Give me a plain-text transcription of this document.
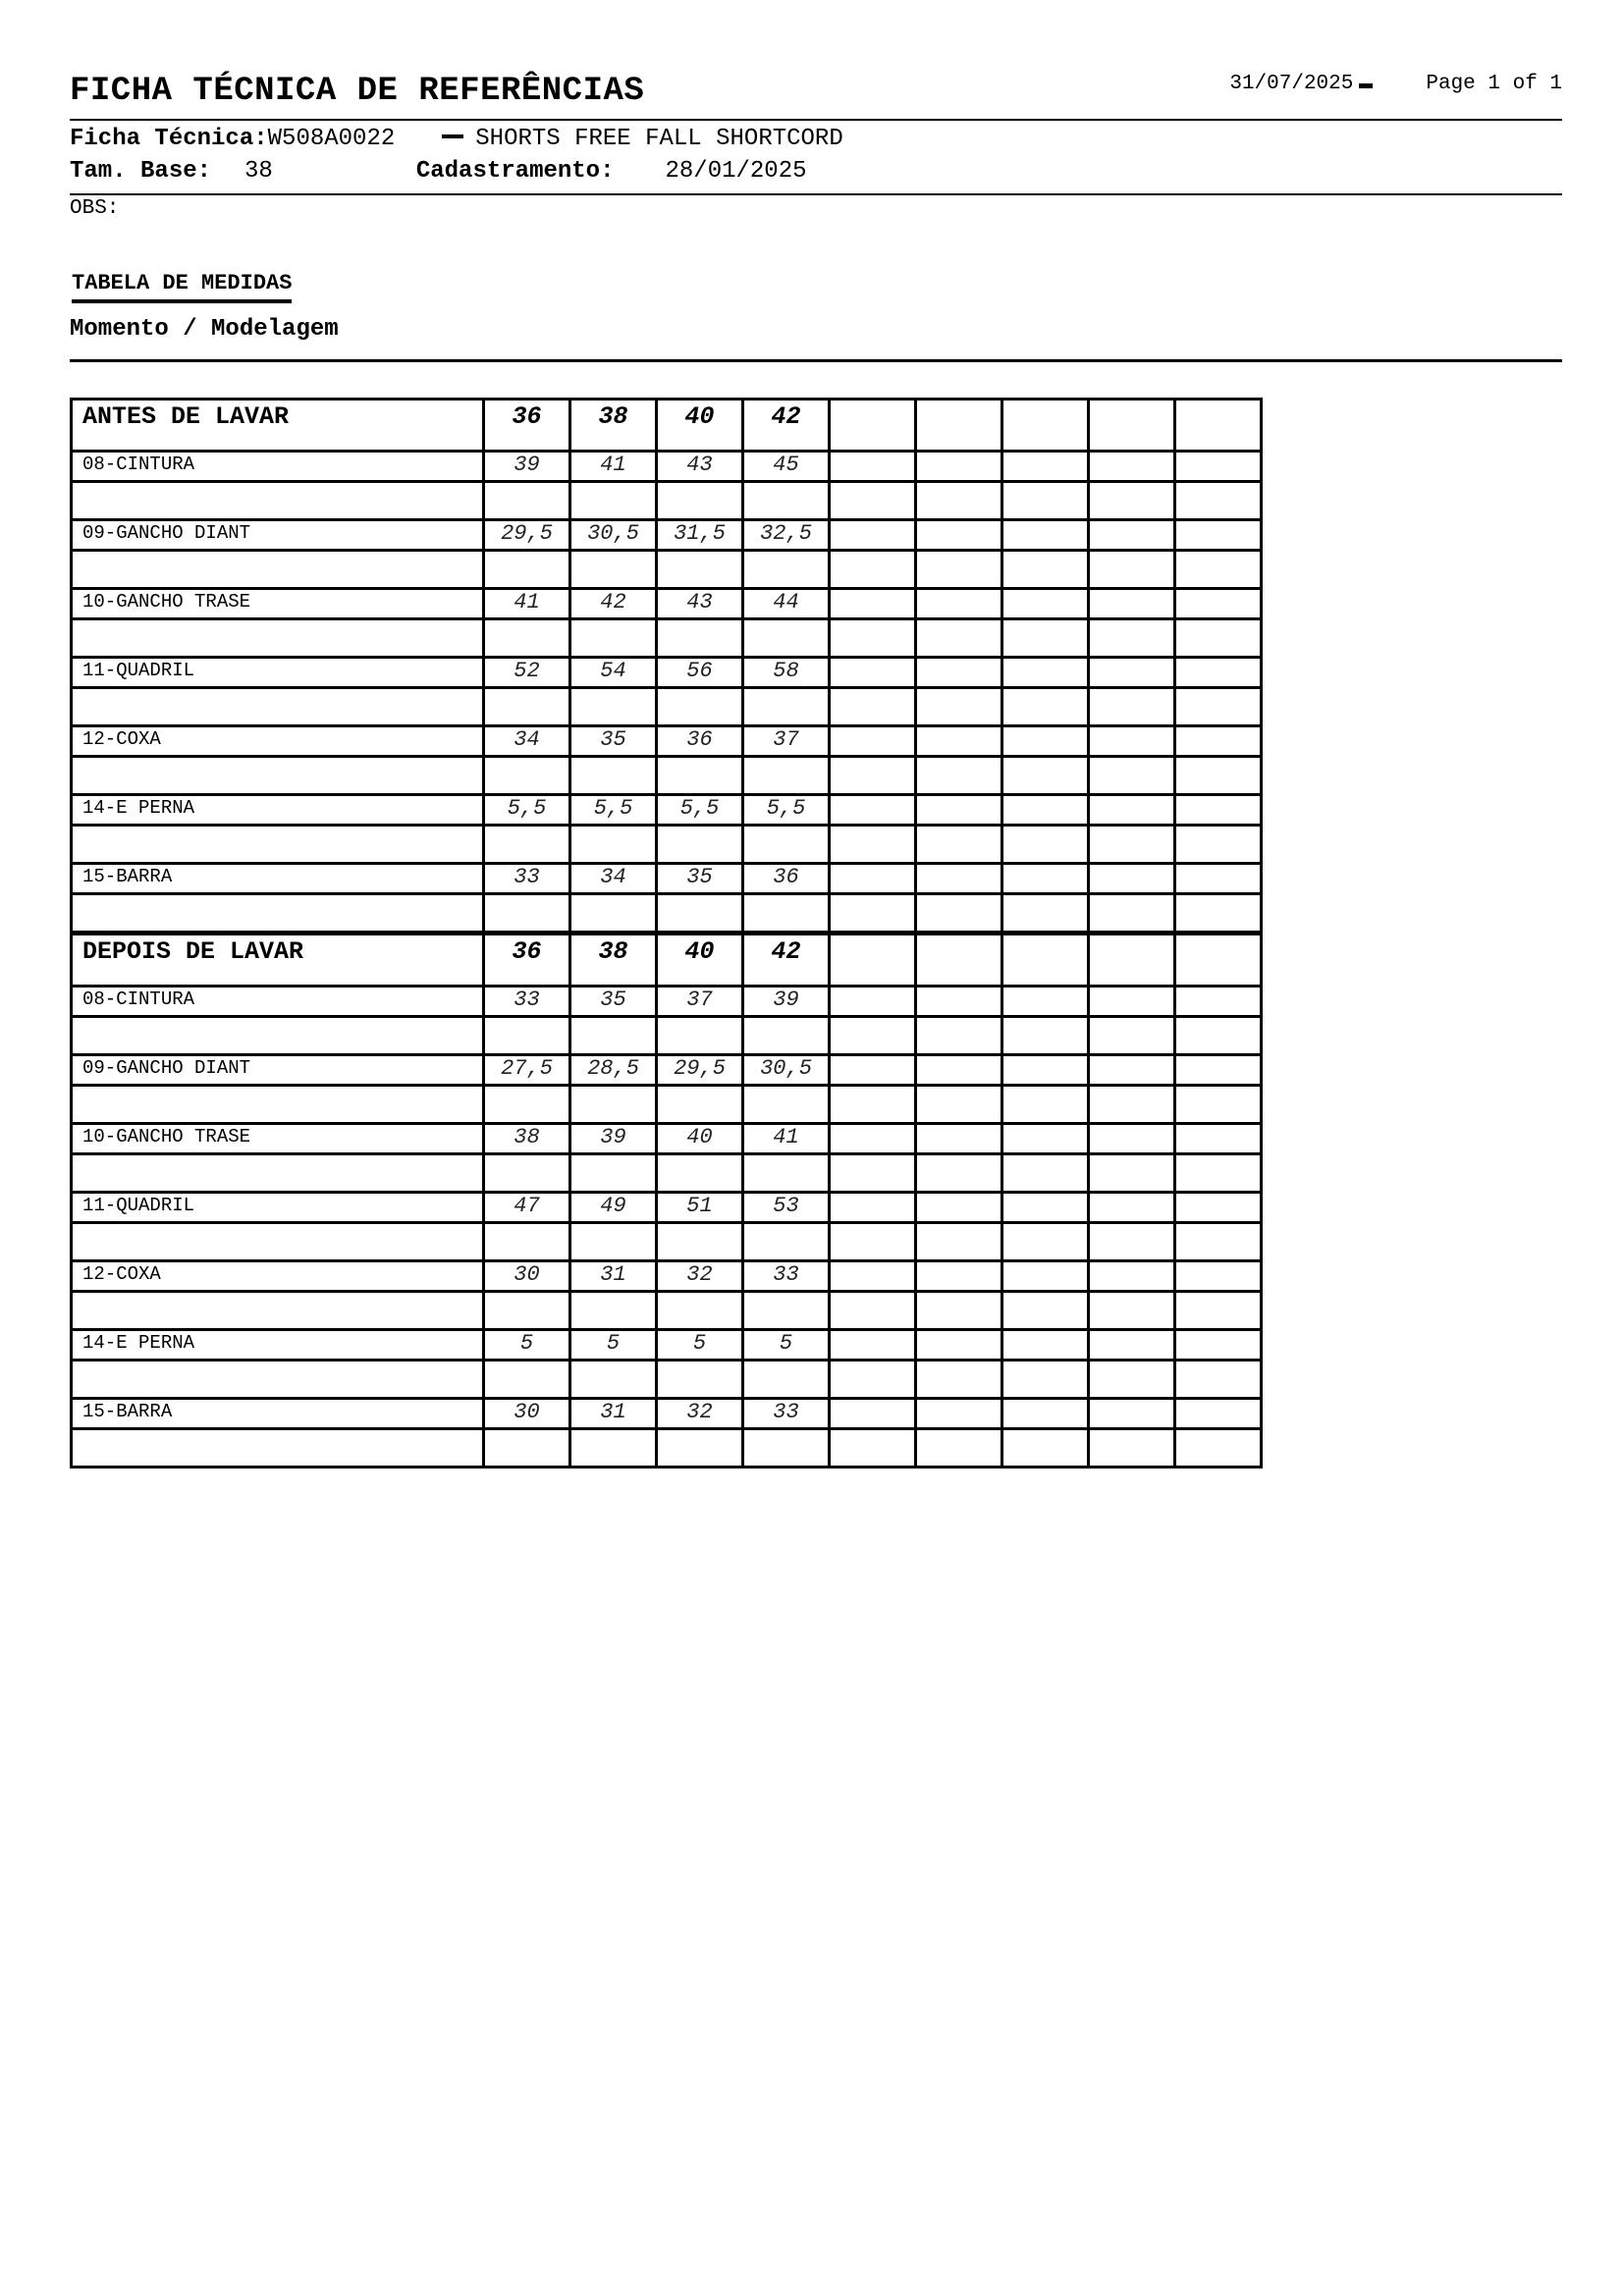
FICHA TÉCNICA DE REFERÊNCIAS	31/07/2025	Page 1 of 1
Ficha Técnica:W508A0022	SHORTS FREE FALL SHORTCORD
Tam. Base: 38	Cadastramento: 28/01/2025
OBS:
TABELA DE MEDIDAS
Momento / Modelagem
ANTES DE LAVAR	36	38	40	42					
08-CINTURA	39	41	43	45					

09-GANCHO DIANT	29,5	30,5	31,5	32,5					

10-GANCHO TRASE	41	42	43	44					

11-QUADRIL	52	54	56	58					

12-COXA	34	35	36	37					

14-E PERNA	5,5	5,5	5,5	5,5					

15-BARRA	33	34	35	36					

DEPOIS DE LAVAR	36	38	40	42					
08-CINTURA	33	35	37	39					

09-GANCHO DIANT	27,5	28,5	29,5	30,5					

10-GANCHO TRASE	38	39	40	41					

11-QUADRIL	47	49	51	53					

12-COXA	30	31	32	33					

14-E PERNA	5	5	5	5					

15-BARRA	30	31	32	33					
